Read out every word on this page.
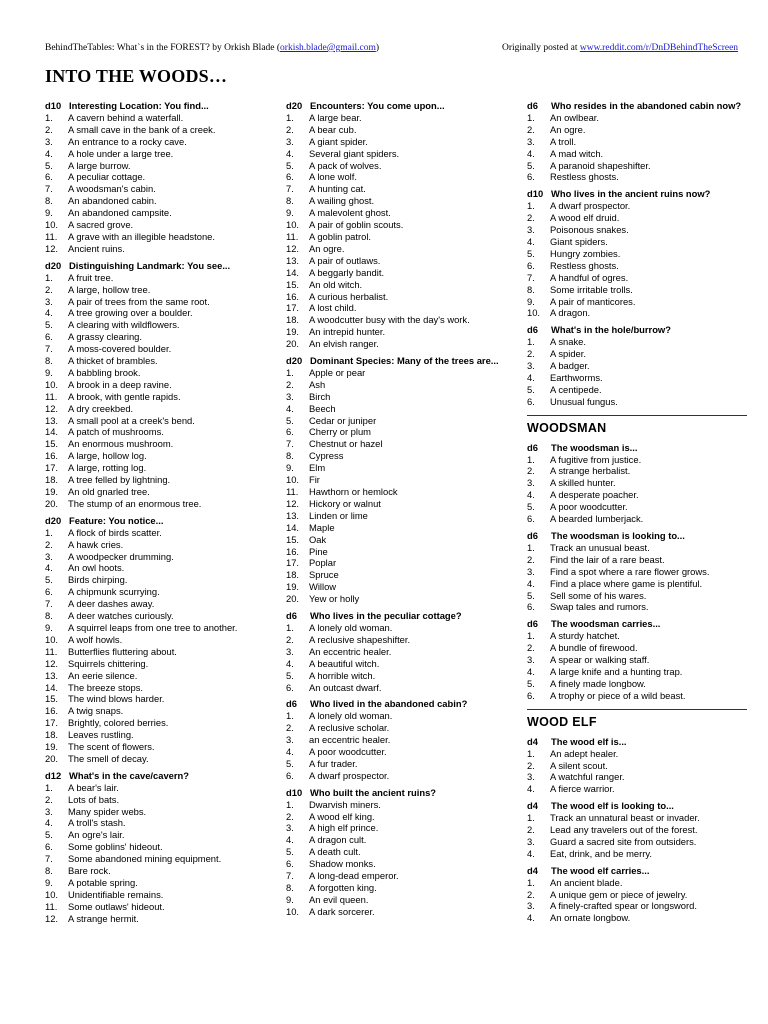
BehindTheTables: What`s in the FOREST? by Orkish Blade (orkish.blade@gmail.com)	Originally posted at www.reddit.com/r/DnDBehindTheScreen
INTO THE WOODS…
d10 Interesting Location: You find...
1.	A cavern behind a waterfall.
2.	A small cave in the bank of a creek.
3.	An entrance to a rocky cave.
4.	A hole under a large tree.
5.	A large burrow.
6.	A peculiar cottage.
7.	A woodsman's cabin.
8.	An abandoned cabin.
9.	An abandoned campsite.
10.	A sacred grove.
11.	A grave with an illegible headstone.
12.	Ancient ruins.
d20 Distinguishing Landmark: You see...
1.	A fruit tree.
2.	A large, hollow tree.
3.	A pair of trees from the same root.
4.	A tree growing over a boulder.
5.	A clearing with wildflowers.
6.	A grassy clearing.
7.	A moss-covered boulder.
8.	A thicket of brambles.
9.	A babbling brook.
10.	A brook in a deep ravine.
11.	A brook, with gentle rapids.
12.	A dry creekbed.
13.	A small pool at a creek's bend.
14.	A patch of mushrooms.
15.	An enormous mushroom.
16.	A large, hollow log.
17.	A large, rotting log.
18.	A tree felled by lightning.
19.	An old gnarled tree.
20.	The stump of an enormous tree.
d20 Feature: You notice...
1.	A flock of birds scatter.
2.	A hawk cries.
3.	A woodpecker drumming.
4.	An owl hoots.
5.	Birds chirping.
6.	A chipmunk scurrying.
7.	A deer dashes away.
8.	A deer watches curiously.
9.	A squirrel leaps from one tree to another.
10.	A wolf howls.
11.	Butterflies fluttering about.
12.	Squirrels chittering.
13.	An eerie silence.
14.	The breeze stops.
15.	The wind blows harder.
16.	A twig snaps.
17.	Brightly, colored berries.
18.	Leaves rustling.
19.	The scent of flowers.
20.	The smell of decay.
d12 What's in the cave/cavern?
1.	A bear's lair.
2.	Lots of bats.
3.	Many spider webs.
4.	A troll's stash.
5.	An ogre's lair.
6.	Some goblins' hideout.
7.	Some abandoned mining equipment.
8.	Bare rock.
9.	A potable spring.
10.	Unidentifiable remains.
11.	Some outlaws' hideout.
12.	A strange hermit.
d20 Encounters: You come upon...
1.	A large bear.
2.	A bear cub.
3.	A giant spider.
4.	Several giant spiders.
5.	A pack of wolves.
6.	A lone wolf.
7.	A hunting cat.
8.	A wailing ghost.
9.	A malevolent ghost.
10.	A pair of goblin scouts.
11.	A goblin patrol.
12.	An ogre.
13.	A pair of outlaws.
14.	A beggarly bandit.
15.	An old witch.
16.	A curious herbalist.
17.	A lost child.
18.	A woodcutter busy with the day's work.
19.	An intrepid hunter.
20.	An elvish ranger.
d20 Dominant Species: Many of the trees are...
1.	Apple or pear
2.	Ash
3.	Birch
4.	Beech
5.	Cedar or juniper
6.	Cherry or plum
7.	Chestnut or hazel
8.	Cypress
9.	Elm
10.	Fir
11.	Hawthorn or hemlock
12.	Hickory or walnut
13.	Linden or lime
14.	Maple
15.	Oak
16.	Pine
17.	Poplar
18.	Spruce
19.	Willow
20.	Yew or holly
d6	Who lives in the peculiar cottage?
1.	A lonely old woman.
2.	A reclusive shapeshifter.
3.	An eccentric healer.
4.	A beautiful witch.
5.	A horrible witch.
6.	An outcast dwarf.
d6	Who lived in the abandoned cabin?
1.	A lonely old woman.
2.	A reclusive scholar.
3.	an eccentric healer.
4.	A poor woodcutter.
5.	A fur trader.
6.	A dwarf prospector.
d10 Who built the ancient ruins?
1.	Dwarvish miners.
2.	A wood elf king.
3.	A high elf prince.
4.	A dragon cult.
5.	A death cult.
6.	Shadow monks.
7.	A long-dead emperor.
8.	A forgotten king.
9.	An evil queen.
10.	A dark sorcerer.
d6	Who resides in the abandoned cabin now?
1.	An owlbear.
2.	An ogre.
3.	A troll.
4.	A mad witch.
5.	A paranoid shapeshifter.
6.	Restless ghosts.
d10 Who lives in the ancient ruins now?
1.	A dwarf prospector.
2.	A wood elf druid.
3.	Poisonous snakes.
4.	Giant spiders.
5.	Hungry zombies.
6.	Restless ghosts.
7.	A handful of ogres.
8.	Some irritable trolls.
9.	A pair of manticores.
10.	A dragon.
d6	What's in the hole/burrow?
1.	A snake.
2.	A spider.
3.	A badger.
4.	Earthworms.
5.	A centipede.
6.	Unusual fungus.
WOODSMAN
d6	The woodsman is...
1.	A fugitive from justice.
2.	A strange herbalist.
3.	A skilled hunter.
4.	A desperate poacher.
5.	A poor woodcutter.
6.	A bearded lumberjack.
d6	The woodsman is looking to...
1.	Track an unusual beast.
2.	Find the lair of a rare beast.
3.	Find a spot where a rare flower grows.
4.	Find a place where game is plentiful.
5.	Sell some of his wares.
6.	Swap tales and rumors.
d6	The woodsman carries...
1.	A sturdy hatchet.
2.	A bundle of firewood.
3.	A spear or walking staff.
4.	A large knife and a hunting trap.
5.	A finely made longbow.
6.	A trophy or piece of a wild beast.
WOOD ELF
d4	The wood elf is...
1.	An adept healer.
2.	A silent scout.
3.	A watchful ranger.
4.	A fierce warrior.
d4	The wood elf is looking to...
1.	Track an unnatural beast or invader.
2.	Lead any travelers out of the forest.
3.	Guard a sacred site from outsiders.
4.	Eat, drink, and be merry.
d4	The wood elf carries...
1.	An ancient blade.
2.	A unique gem or piece of jewelry.
3.	A finely-crafted spear or longsword.
4.	An ornate longbow.
